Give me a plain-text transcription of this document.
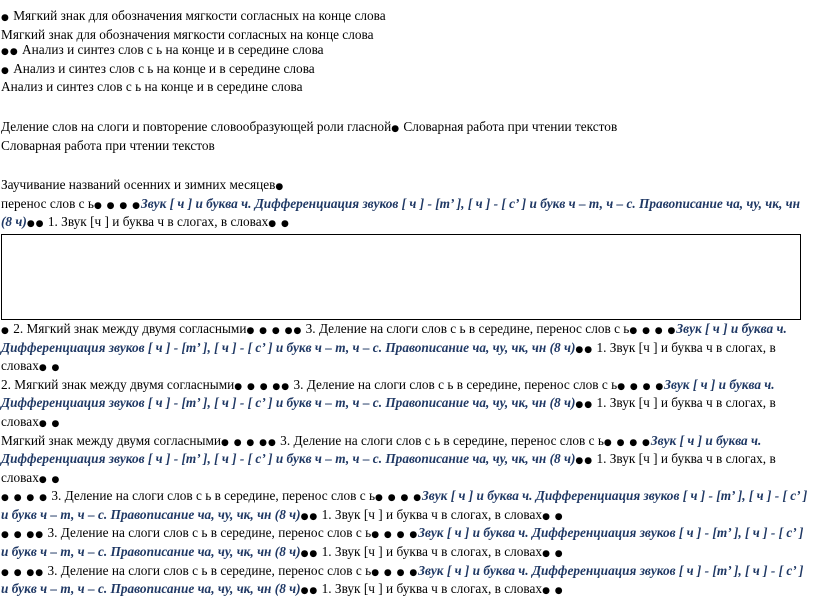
● Мягкий знак для обозначения мягкости согласных на конце слова
Мягкий знак для обозначения мягкости согласных на конце слова
●● Анализ и синтез слов с ь на конце и в середине слова
● Анализ и синтез слов с ь на конце и в середине слова
Анализ и синтез слов с ь на конце и в середине слова
Деление слов на слоги и повторение словообразующей роли гласной● Словарная работа при чтении текстов
Словарная работа при чтении текстов
Заучивание названий осенних и зимних месяцев●
перенос слов с ь● ● ● ●Звук [ ч ] и буква ч. Дифференциация звуков [ ч ] - [т’ ], [ ч ] - [ с’ ] и букв ч – т, ч – с. Правописание ча, чу, чк, чн (8 ч)●● 1. Звук [ч ] и буква ч в слогах, в словах● ●
● 2. Мягкий знак между двумя согласными● ● ● ●● 3. Деление на слоги слов с ь в середине, перенос слов с ь● ● ● ●Звук [ ч ] и буква ч. Дифференциация звуков [ ч ] - [т’ ], [ ч ] - [ с’ ] и букв ч – т, ч – с. Правописание ча, чу, чк, чн (8 ч)●● 1. Звук [ч ] и буква ч в слогах, в словах● ●
2. Мягкий знак между двумя согласными● ● ● ●● 3. Деление на слоги слов с ь в середине, перенос слов с ь● ● ● ●Звук [ ч ] и буква ч. Дифференциация звуков [ ч ] - [т’ ], [ ч ] - [ с’ ] и букв ч – т, ч – с. Правописание ча, чу, чк, чн (8 ч)●● 1. Звук [ч ] и буква ч в слогах, в словах● ●
Мягкий знак между двумя согласными● ● ● ●● 3. Деление на слоги слов с ь в середине, перенос слов с ь● ● ● ●Звук [ ч ] и буква ч. Дифференциация звуков [ ч ] - [т’ ], [ ч ] - [ с’ ] и букв ч – т, ч – с. Правописание ча, чу, чк, чн (8 ч)●● 1. Звук [ч ] и буква ч в слогах, в словах● ●
● ● ● ● 3. Деление на слоги слов с ь в середине, перенос слов с ь● ● ● ●Звук [ ч ] и буква ч. Дифференциация звуков [ ч ] - [т’ ], [ ч ] - [ с’ ] и букв ч – т, ч – с. Правописание ча, чу, чк, чн (8 ч)●● 1. Звук [ч ] и буква ч в слогах, в словах● ●
● ● ●● 3. Деление на слоги слов с ь в середине, перенос слов с ь● ● ● ●Звук [ ч ] и буква ч. Дифференциация звуков [ ч ] - [т’ ], [ ч ] - [ с’ ] и букв ч – т, ч – с. Правописание ча, чу, чк, чн (8 ч)●● 1. Звук [ч ] и буква ч в слогах, в словах● ●
● ● ●● 3. Деление на слоги слов с ь в середине, перенос слов с ь● ● ● ●Звук [ ч ] и буква ч. Дифференциация звуков [ ч ] - [т’ ], [ ч ] - [ с’ ] и букв ч – т, ч – с. Правописание ча, чу, чк, чн (8 ч)●● 1. Звук [ч ] и буква ч в слогах, в словах● ●
